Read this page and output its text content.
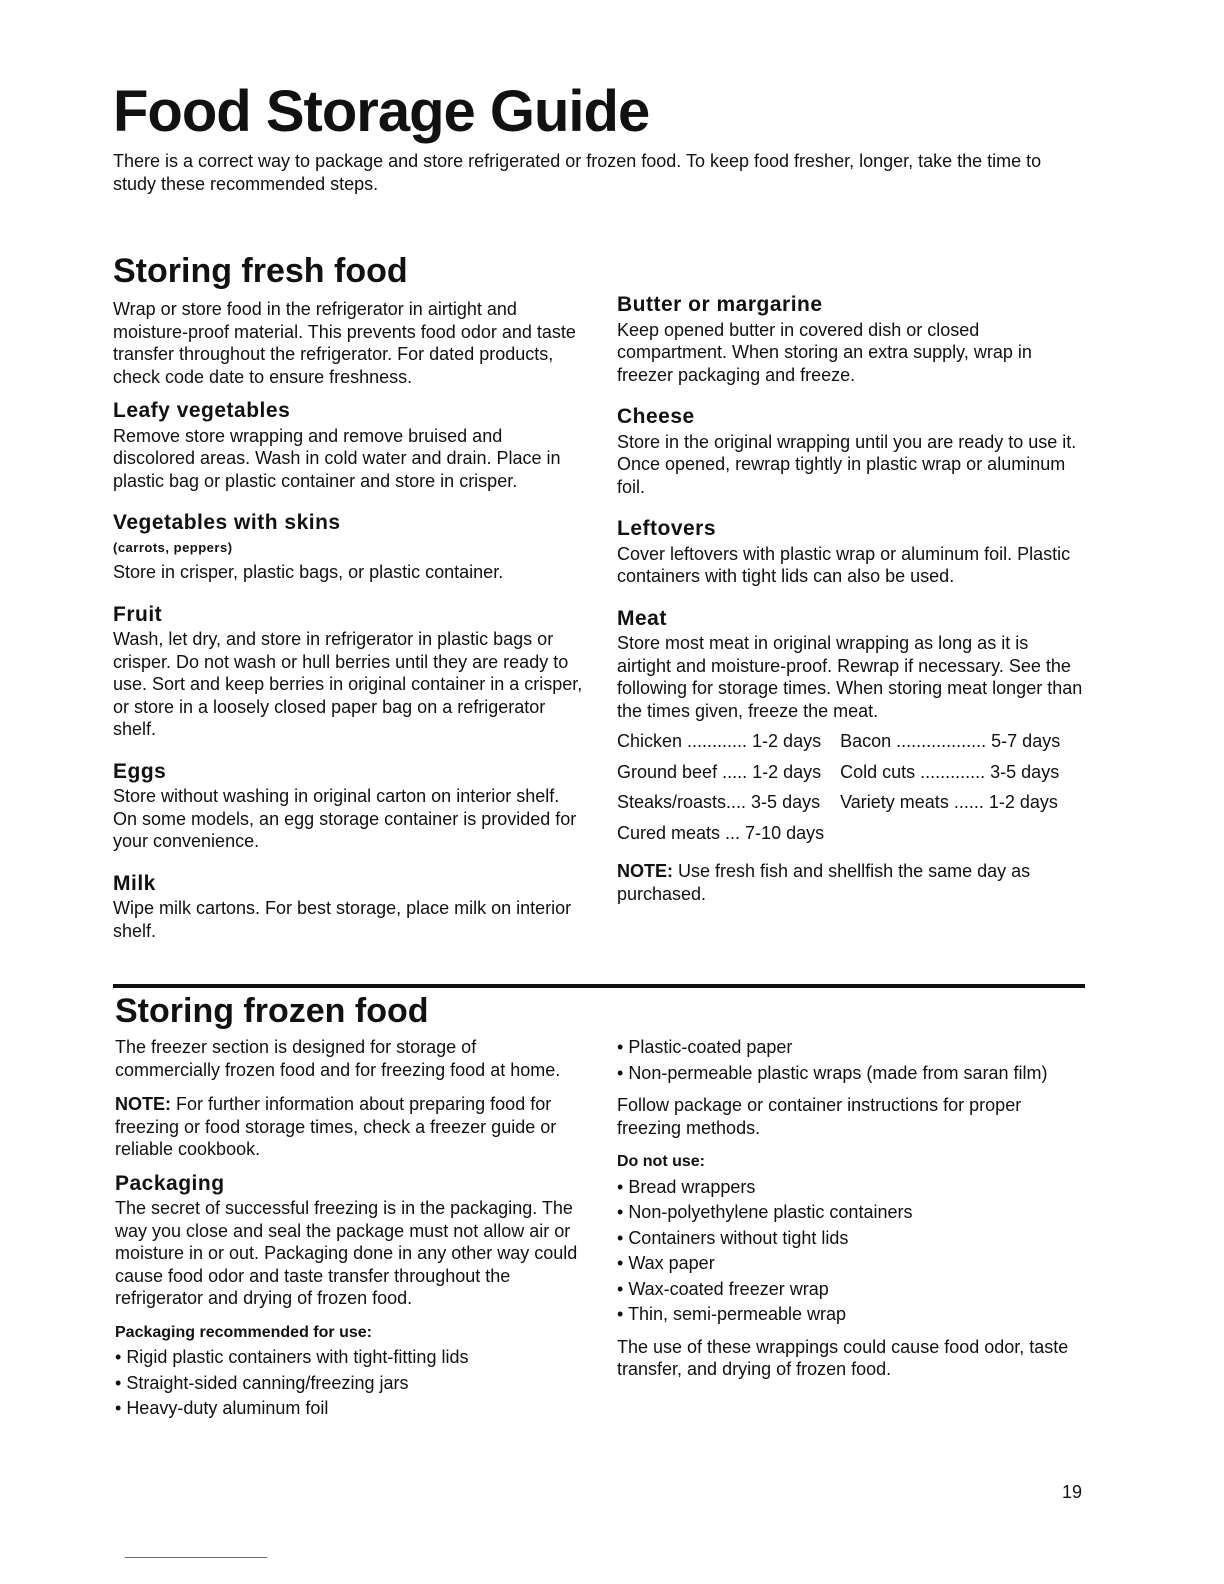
Food Storage Guide
There is a correct way to package and store refrigerated or frozen food. To keep food fresher, longer, take the time to study these recommended steps.
Storing fresh food

Wrap or store food in the refrigerator in airtight and moisture-proof material. This prevents food odor and taste transfer throughout the refrigerator. For dated products, check code date to ensure freshness.

Leafy vegetables

Remove store wrapping and remove bruised and discolored areas. Wash in cold water and drain. Place in plastic bag or plastic container and store in crisper.

Vegetables with skins
(carrots, peppers)

Store in crisper, plastic bags, or plastic container.

Fruit

Wash, let dry, and store in refrigerator in plastic bags or crisper. Do not wash or hull berries until they are ready to use. Sort and keep berries in original container in a crisper, or store in a loosely closed paper bag on a refrigerator shelf.

Eggs

Store without washing in original carton on interior shelf. On some models, an egg storage container is provided for your convenience.

Milk

Wipe milk cartons. For best storage, place milk on interior shelf.

Butter or margarine

Keep opened butter in covered dish or closed compartment. When storing an extra supply, wrap in freezer packaging and freeze.

Cheese

Store in the original wrapping until you are ready to use it. Once opened, rewrap tightly in plastic wrap or aluminum foil.

Leftovers

Cover leftovers with plastic wrap or aluminum foil. Plastic containers with tight lids can also be used.

Meat

Store most meat in original wrapping as long as it is airtight and moisture-proof. Rewrap if necessary. See the following for storage times. When storing meat longer than the times given, freeze the meat.

Chicken ............ 1-2 days	Bacon .................. 5-7 days
Ground beef ..... 1-2 days	Cold cuts ............. 3-5 days
Steaks/roasts.... 3-5 days	Variety meats ...... 1-2 days
Cured meats ... 7-10 days	

NOTE: Use fresh fish and shellfish the same day as purchased.

Storing frozen food

The freezer section is designed for storage of commercially frozen food and for freezing food at home.

NOTE: For further information about preparing food for freezing or food storage times, check a freezer guide or reliable cookbook.

Packaging

The secret of successful freezing is in the packaging. The way you close and seal the package must not allow air or moisture in or out. Packaging done in any other way could cause food odor and taste transfer throughout the refrigerator and drying of frozen food.

Packaging recommended for use:
• Rigid plastic containers with tight-fitting lids
• Straight-sided canning/freezing jars
• Heavy-duty aluminum foil
• Plastic-coated paper
• Non-permeable plastic wraps (made from saran film)

Follow package or container instructions for proper freezing methods.

Do not use:
• Bread wrappers
• Non-polyethylene plastic containers
• Containers without tight lids
• Wax paper
• Wax-coated freezer wrap
• Thin, semi-permeable wrap

The use of these wrappings could cause food odor, taste transfer, and drying of frozen food.

19
